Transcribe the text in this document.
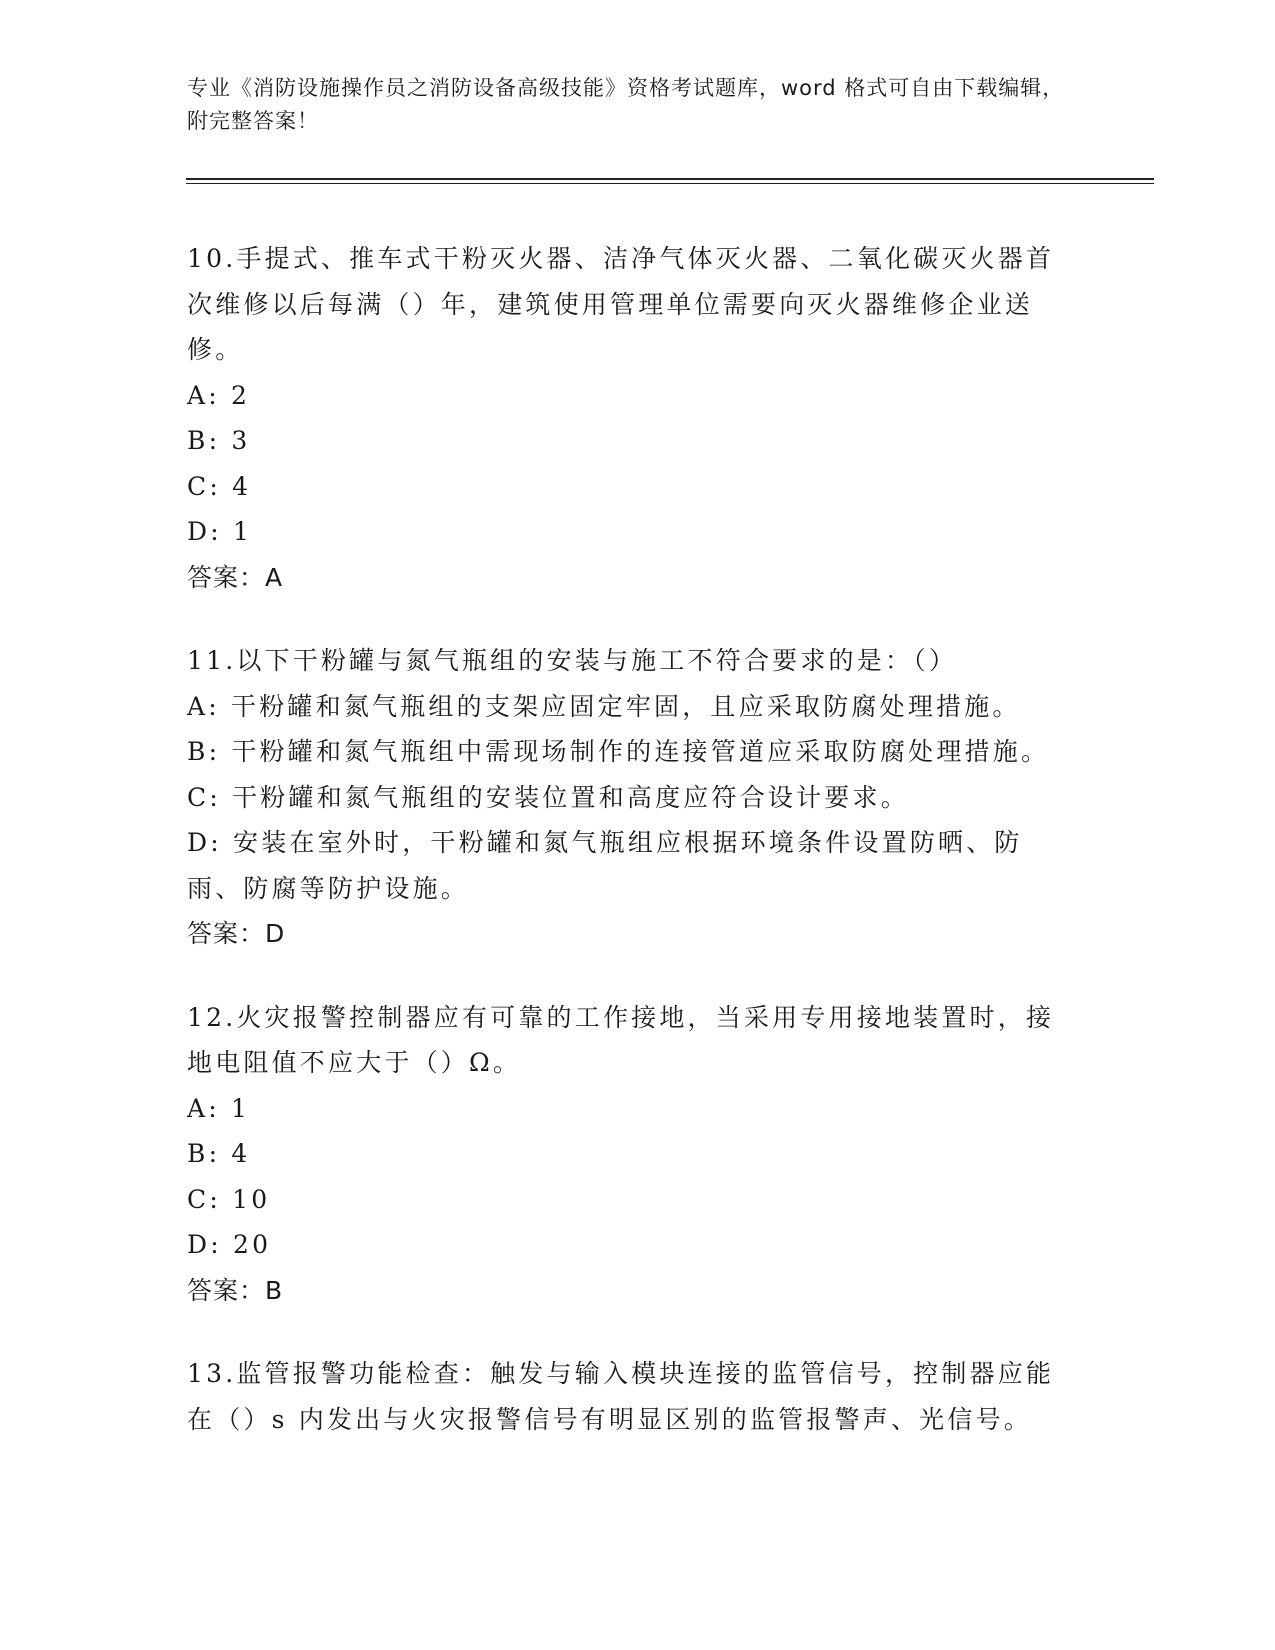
专业《消防设施操作员之消防设备高级技能》资格考试题库，word 格式可自由下载编辑，附完整答案！
10.手提式、推车式干粉灭火器、洁净气体灭火器、二氧化碳灭火器首次维修以后每满（）年，建筑使用管理单位需要向灭火器维修企业送修。
A: 2
B: 3
C: 4
D: 1
答案：A
11.以下干粉罐与氮气瓶组的安装与施工不符合要求的是：（）
A: 干粉罐和氮气瓶组的支架应固定牢固，且应采取防腐处理措施。
B: 干粉罐和氮气瓶组中需现场制作的连接管道应采取防腐处理措施。
C: 干粉罐和氮气瓶组的安装位置和高度应符合设计要求。
D: 安装在室外时，干粉罐和氮气瓶组应根据环境条件设置防晒、防雨、防腐等防护设施。
答案：D
12.火灾报警控制器应有可靠的工作接地，当采用专用接地装置时，接地电阻值不应大于（）Ω。
A: 1
B: 4
C: 10
D: 20
答案：B
13.监管报警功能检查：触发与输入模块连接的监管信号，控制器应能在（）s 内发出与火灾报警信号有明显区别的监管报警声、光信号。
